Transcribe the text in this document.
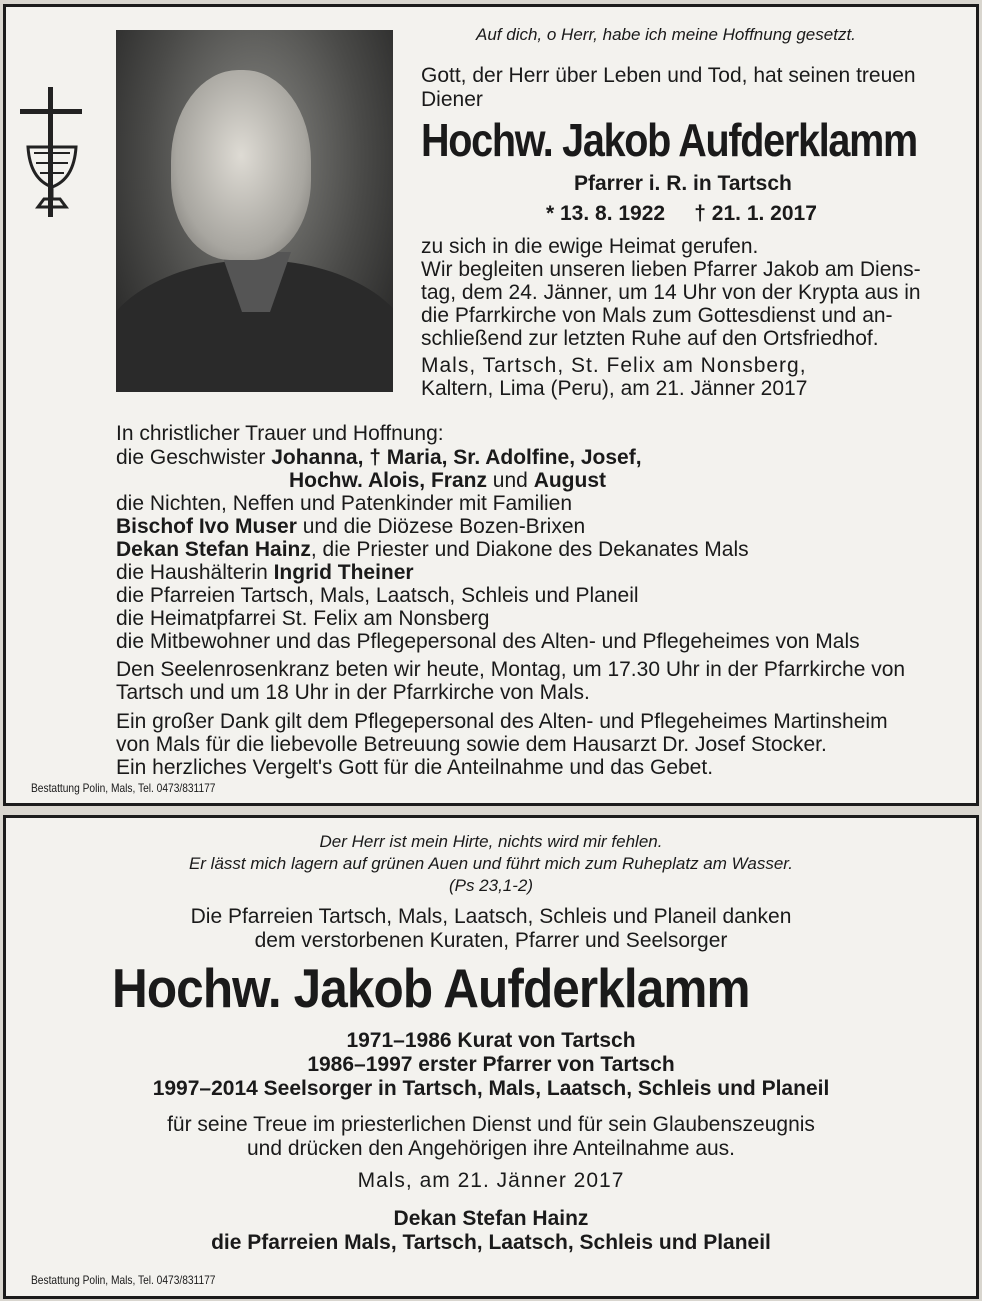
Auf dich, o Herr, habe ich meine Hoffnung gesetzt.
Gott, der Herr über Leben und Tod, hat seinen treuen
Diener
Hochw. Jakob Aufderklamm
Pfarrer i. R. in Tartsch
* 13. 8. 1922     † 21. 1. 2017
zu sich in die ewige Heimat gerufen.
Wir begleiten unseren lieben Pfarrer Jakob am Diens-
tag, dem 24. Jänner, um 14 Uhr von der Krypta aus in
die Pfarrkirche von Mals zum Gottesdienst und an-
schließend zur letzten Ruhe auf den Ortsfriedhof.
Mals, Tartsch, St. Felix am Nonsberg,
Kaltern, Lima (Peru), am 21. Jänner 2017
In christlicher Trauer und Hoffnung:
die Geschwister Johanna, † Maria, Sr. Adolfine, Josef,
Hochw. Alois, Franz und August
die Nichten, Neffen und Patenkinder mit Familien
Bischof Ivo Muser und die Diözese Bozen-Brixen
Dekan Stefan Hainz, die Priester und Diakone des Dekanates Mals
die Haushälterin Ingrid Theiner
die Pfarreien Tartsch, Mals, Laatsch, Schleis und Planeil
die Heimatpfarrei St. Felix am Nonsberg
die Mitbewohner und das Pflegepersonal des Alten- und Pflegeheimes von Mals
Den Seelenrosenkranz beten wir heute, Montag, um 17.30 Uhr in der Pfarrkirche von
Tartsch und um 18 Uhr in der Pfarrkirche von Mals.
Ein großer Dank gilt dem Pflegepersonal des Alten- und Pflegeheimes Martinsheim
von Mals für die liebevolle Betreuung sowie dem Hausarzt Dr. Josef Stocker.
Ein herzliches Vergelt's Gott für die Anteilnahme und das Gebet.
Bestattung Polin, Mals, Tel. 0473/831177
Der Herr ist mein Hirte, nichts wird mir fehlen.
Er lässt mich lagern auf grünen Auen und führt mich zum Ruheplatz am Wasser.
(Ps 23,1-2)
Die Pfarreien Tartsch, Mals, Laatsch, Schleis und Planeil danken
dem verstorbenen Kuraten, Pfarrer und Seelsorger
Hochw. Jakob Aufderklamm
1971–1986 Kurat von Tartsch
1986–1997 erster Pfarrer von Tartsch
1997–2014 Seelsorger in Tartsch, Mals, Laatsch, Schleis und Planeil
für seine Treue im priesterlichen Dienst und für sein Glaubenszeugnis
und drücken den Angehörigen ihre Anteilnahme aus.
Mals, am 21. Jänner 2017
Dekan Stefan Hainz
die Pfarreien Mals, Tartsch, Laatsch, Schleis und Planeil
Bestattung Polin, Mals, Tel. 0473/831177
